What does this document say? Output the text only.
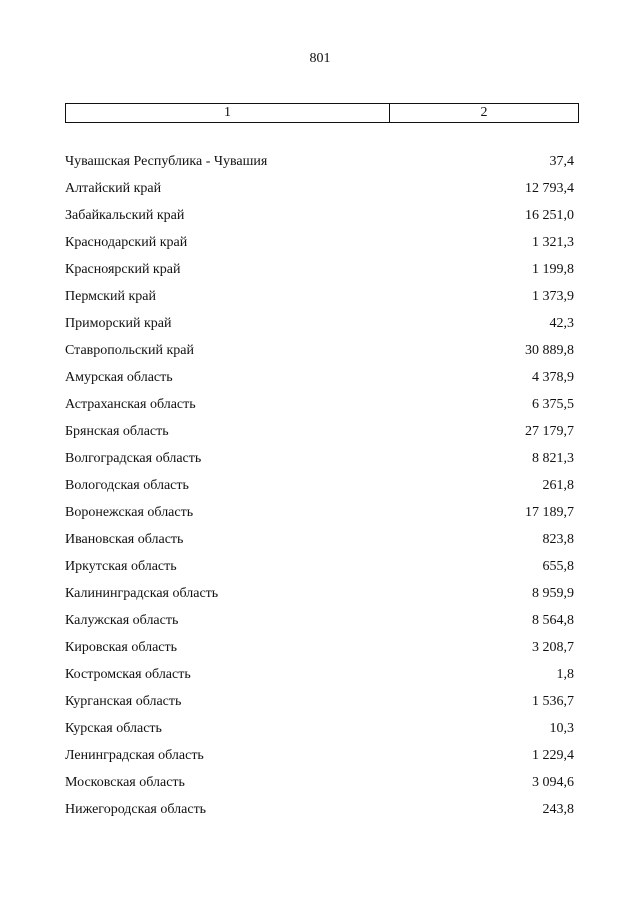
801
1	2
Чувашская Республика - Чувашия	37,4
Алтайский край	12 793,4
Забайкальский край	16 251,0
Краснодарский край	1 321,3
Красноярский край	1 199,8
Пермский край	1 373,9
Приморский край	42,3
Ставропольский край	30 889,8
Амурская область	4 378,9
Астраханская область	6 375,5
Брянская область	27 179,7
Волгоградская область	8 821,3
Вологодская область	261,8
Воронежская область	17 189,7
Ивановская область	823,8
Иркутская область	655,8
Калининградская область	8 959,9
Калужская область	8 564,8
Кировская область	3 208,7
Костромская область	1,8
Курганская область	1 536,7
Курская область	10,3
Ленинградская область	1 229,4
Московская область	3 094,6
Нижегородская область	243,8
